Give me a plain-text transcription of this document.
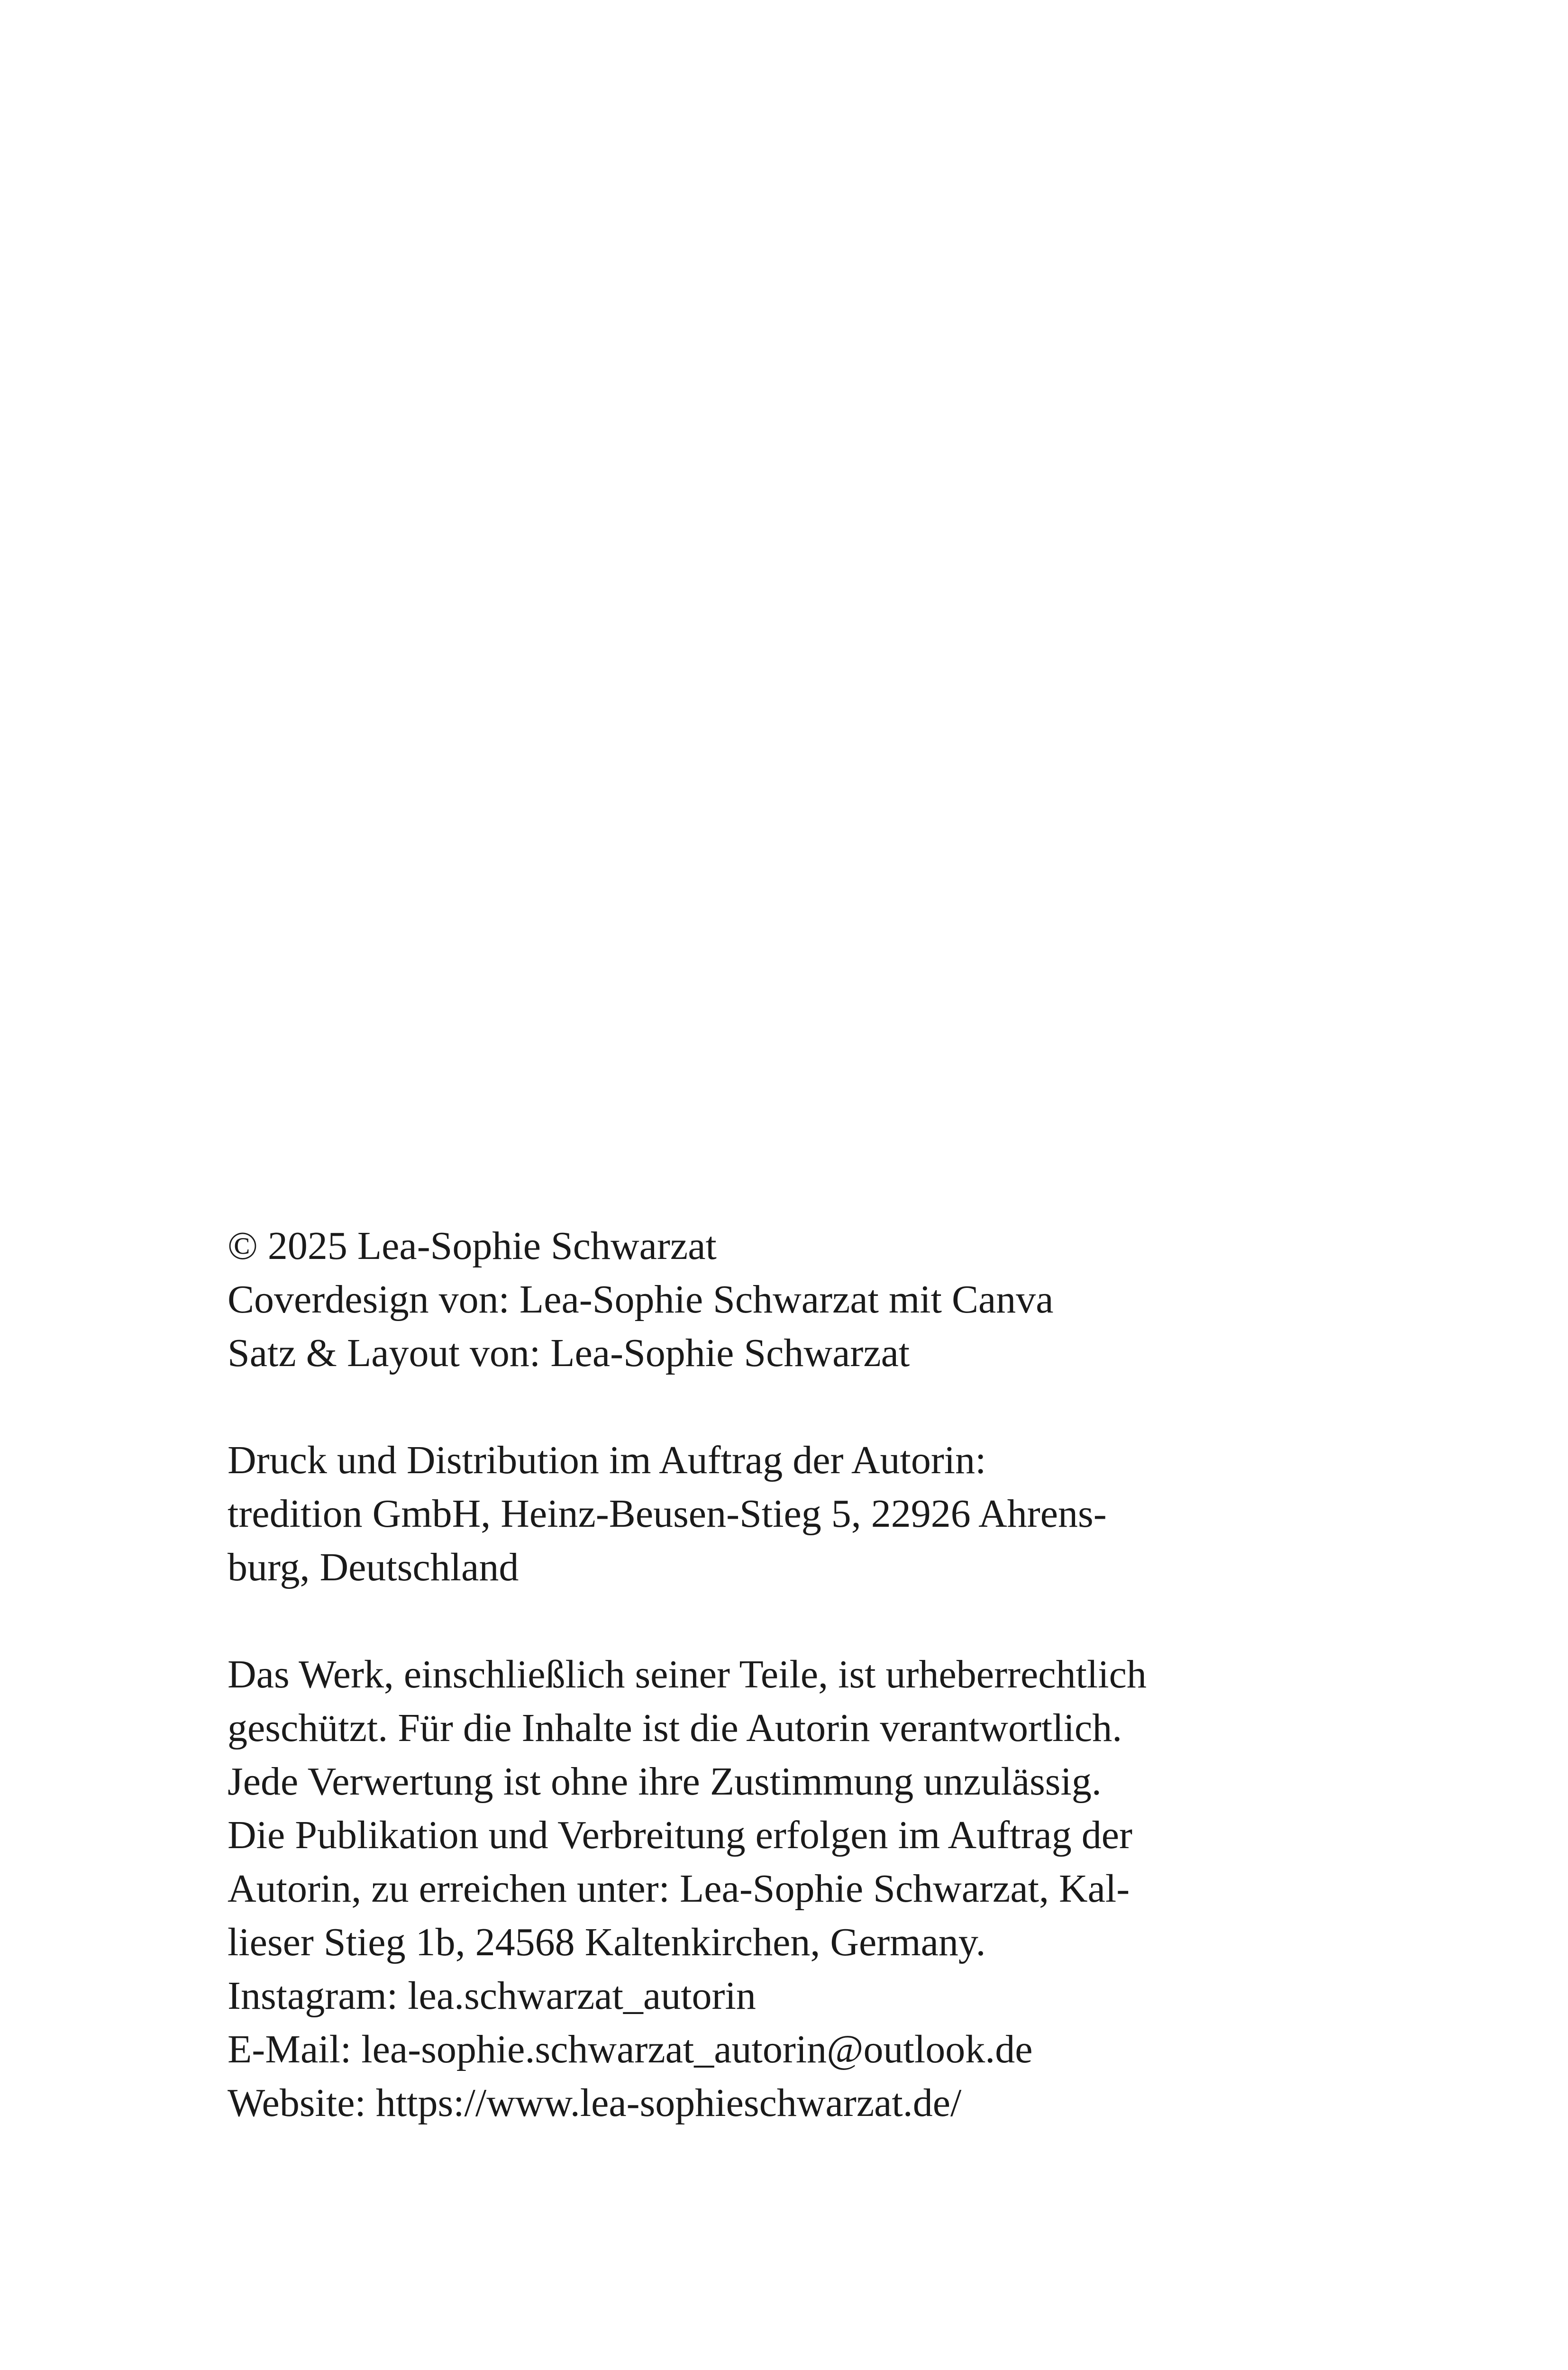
© 2025 Lea-Sophie Schwarzat
Coverdesign von: Lea-Sophie Schwarzat mit Canva
Satz & Layout von: Lea-Sophie Schwarzat
Druck und Distribution im Auftrag der Autorin:
tredition GmbH, Heinz-Beusen-Stieg 5, 22926 Ahrens-
burg, Deutschland
Das Werk, einschließlich seiner Teile, ist urheberrechtlich
geschützt. Für die Inhalte ist die Autorin verantwortlich.
Jede Verwertung ist ohne ihre Zustimmung unzulässig.
Die Publikation und Verbreitung erfolgen im Auftrag der
Autorin, zu erreichen unter: Lea-Sophie Schwarzat, Kal-
lieser Stieg 1b, 24568 Kaltenkirchen, Germany.
Instagram: lea.schwarzat_autorin
E-Mail: lea-sophie.schwarzat_autorin@outlook.de
Website: https://www.lea-sophieschwarzat.de/
